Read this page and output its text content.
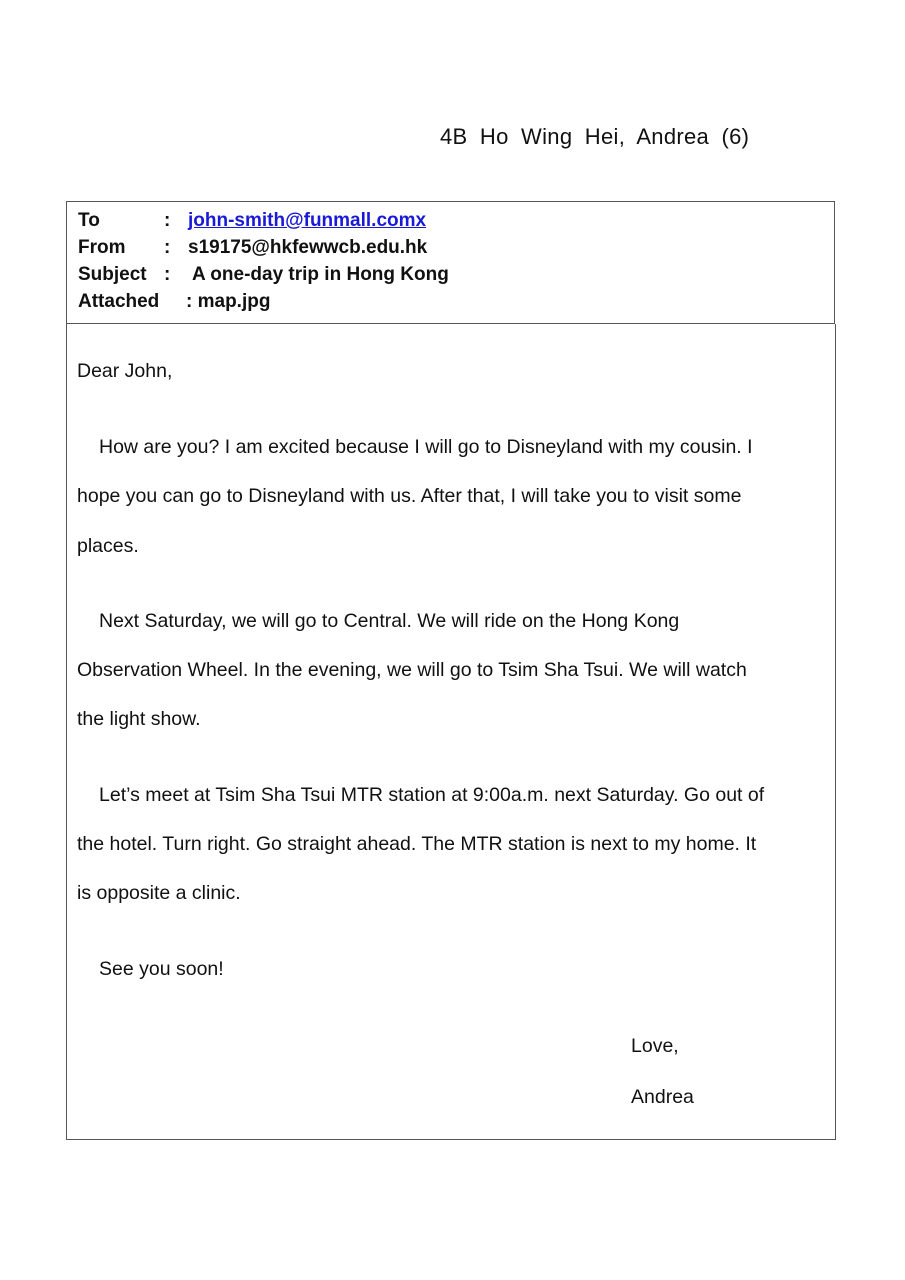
4B Ho Wing Hei, Andrea (6)
To	: john-smith@funmall.comx
From : s19175@hkfewwcb.edu.hk
Subject : A one-day trip in Hong Kong
Attached : map.jpg
Dear John,
How are you? I am excited because I will go to Disneyland with my cousin. I
hope you can go to Disneyland with us. After that, I will take you to visit some
places.
Next Saturday, we will go to Central. We will ride on the Hong Kong
Observation Wheel. In the evening, we will go to Tsim Sha Tsui. We will watch
the light show.
Let’s meet at Tsim Sha Tsui MTR station at 9:00a.m. next Saturday. Go out of
the hotel. Turn right. Go straight ahead. The MTR station is next to my home. It
is opposite a clinic.
See you soon!
Love,
Andrea
